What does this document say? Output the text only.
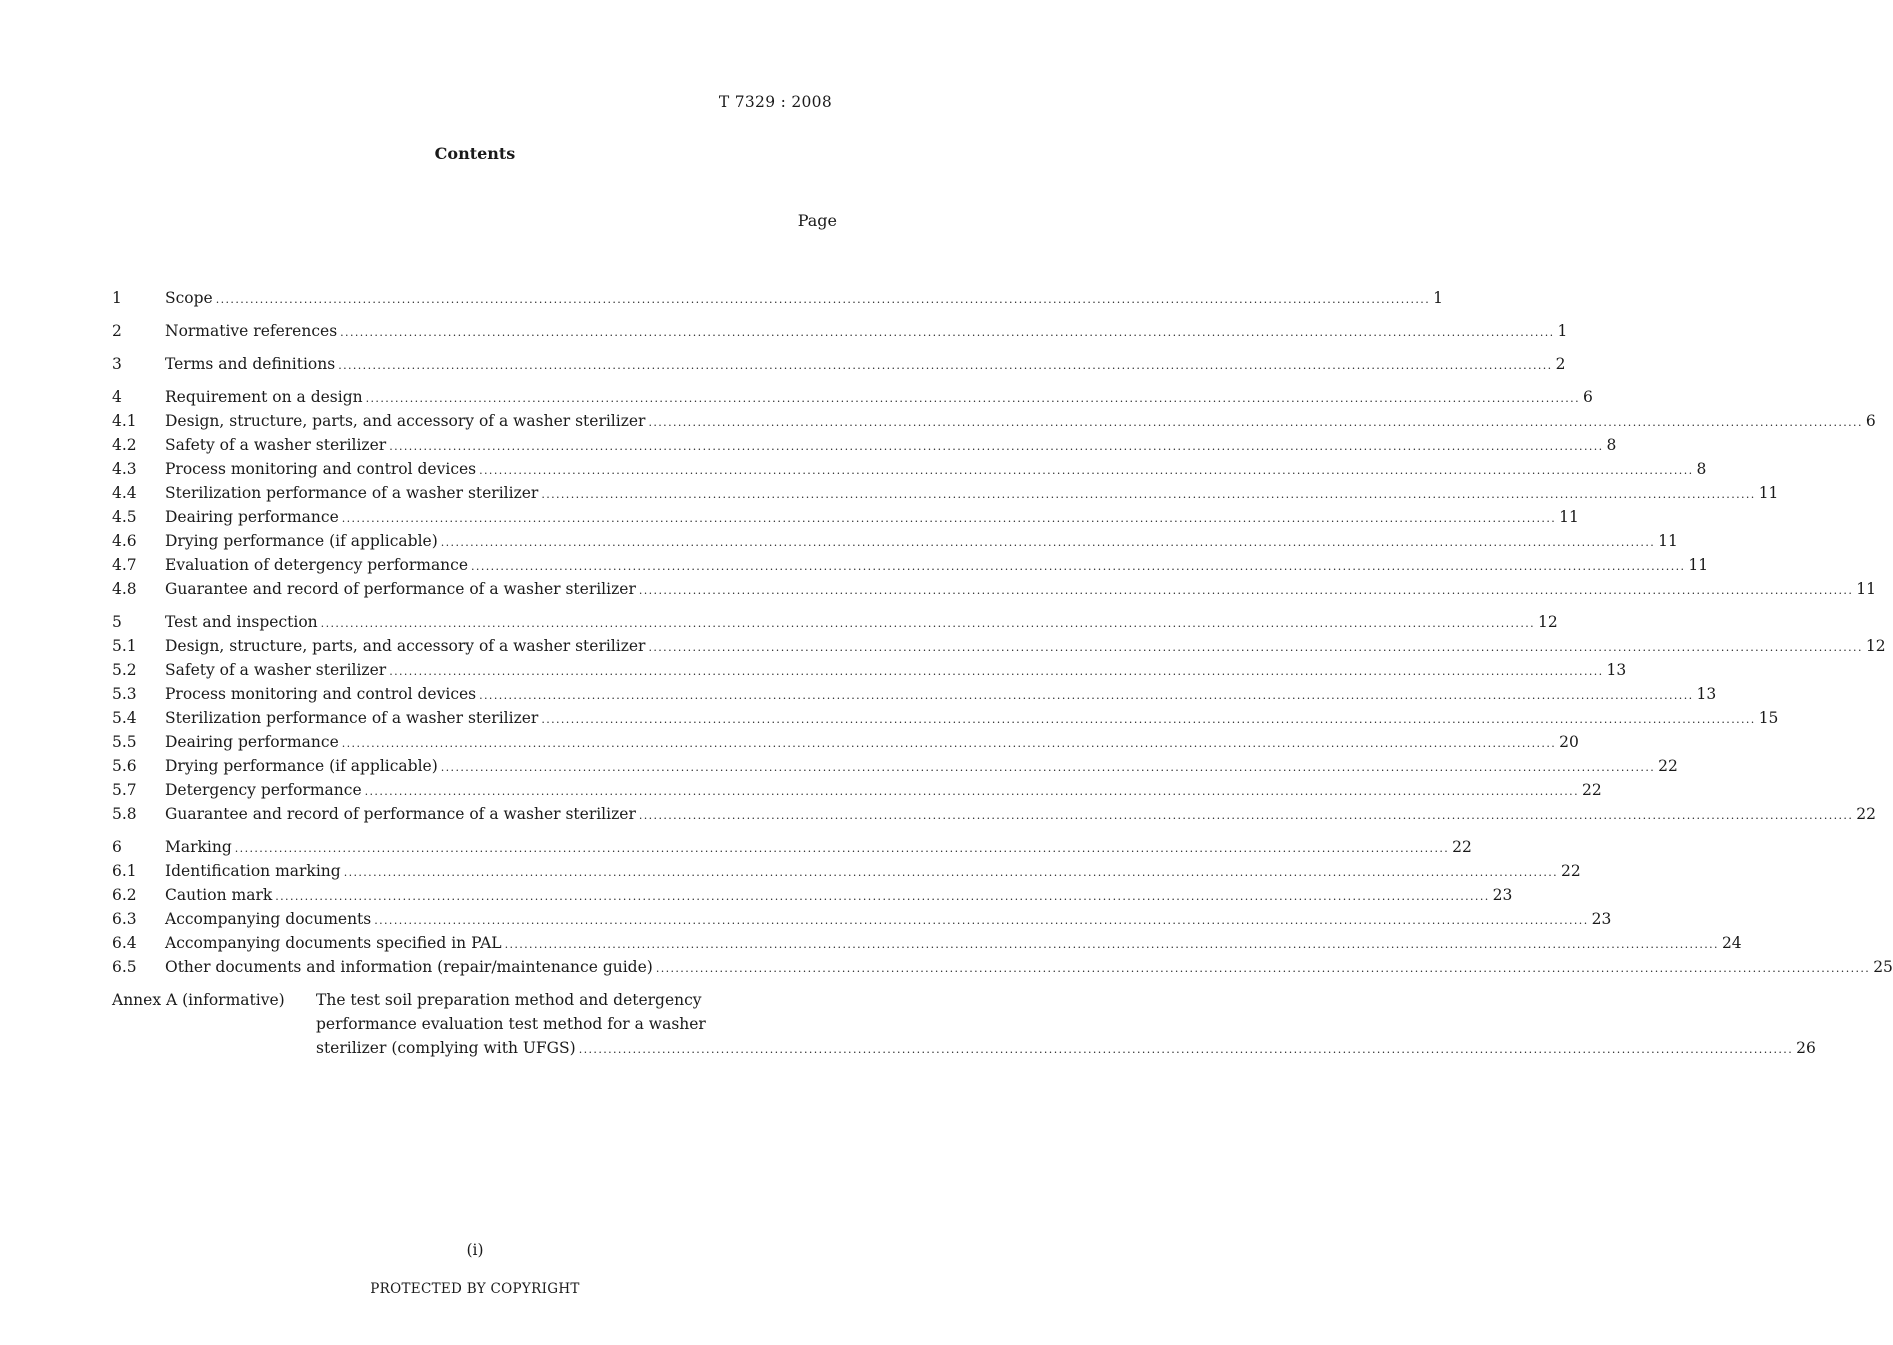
T 7329 : 2008
Contents
Page
1	Scope .....	1
2	Normative references .....	1
3	Terms and definitions .....	2
4	Requirement on a design .....	6
4.1	Design, structure, parts, and accessory of a washer sterilizer .....	6
4.2	Safety of a washer sterilizer .....	8
4.3	Process monitoring and control devices .....	8
4.4	Sterilization performance of a washer sterilizer .....	11
4.5	Deairing performance .....	11
4.6	Drying performance (if applicable) .....	11
4.7	Evaluation of detergency performance .....	11
4.8	Guarantee and record of performance of a washer sterilizer .....	11
5	Test and inspection .....	12
5.1	Design, structure, parts, and accessory of a washer sterilizer .....	12
5.2	Safety of a washer sterilizer .....	13
5.3	Process monitoring and control devices .....	13
5.4	Sterilization performance of a washer sterilizer .....	15
5.5	Deairing performance .....	20
5.6	Drying performance (if applicable) .....	22
5.7	Detergency performance .....	22
5.8	Guarantee and record of performance of a washer sterilizer .....	22
6	Marking .....	22
6.1	Identification marking .....	22
6.2	Caution mark .....	23
6.3	Accompanying documents .....	23
6.4	Accompanying documents specified in PAL .....	24
6.5	Other documents and information (repair/maintenance guide) .....	25
Annex A (informative)	The test soil preparation method and detergency
performance evaluation test method for a washer
sterilizer (complying with UFGS) .....	26
(i)
PROTECTED BY COPYRIGHT
